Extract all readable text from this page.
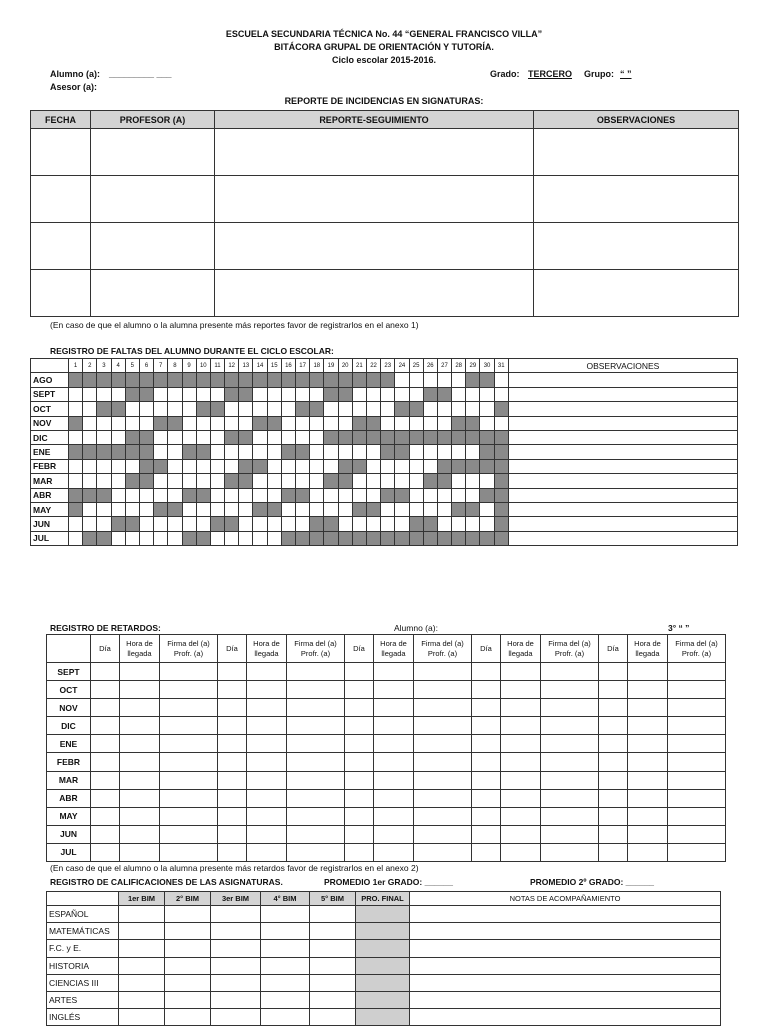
ESCUELA SECUNDARIA TÉCNICA No. 44 “GENERAL FRANCISCO VILLA”
BITÁCORA GRUPAL DE ORIENTACIÓN Y TUTORÍA.
Ciclo escolar 2015-2016.
Alumno (a): _________ ___	Grado: TERCERO Grupo: “ ”
Asesor (a):
REPORTE DE INCIDENCIAS EN SIGNATURAS:
FECHA	PROFESOR (A)	REPORTE-SEGUIMIENTO	OBSERVACIONES

(En caso de que el alumno o la alumna presente más reportes favor de registrarlos en el anexo 1)
REGISTRO DE FALTAS DEL ALUMNO DURANTE EL CICLO ESCOLAR:
	1	2	3	4	5	6	7	8	9	10	11	12	13	14	15	16	17	18	19	20	21	22	23	24	25	26	27	28	29	30	31	OBSERVACIONES
AGO																																
SEPT																																
OCT																																
NOV																																
DIC																																
ENE																																
FEBR																																
MAR																																
ABR																																
MAY																																
JUN																																
JUL																																
REGISTRO DE RETARDOS:	Alumno (a):	3° “ ”
	Día	Hora de llegada	Firma del (a) Profr. (a)	Día	Hora de llegada	Firma del (a) Profr. (a)	Día	Hora de llegada	Firma del (a) Profr. (a)	Día	Hora de llegada	Firma del (a) Profr. (a)	Día	Hora de llegada	Firma del (a) Profr. (a)
SEPT															
OCT															
NOV															
DIC															
ENE															
FEBR															
MAR															
ABR															
MAY															
JUN															
JUL															
(En caso de que el alumno o la alumna presente más retardos favor de registrarlos en el anexo 2)
REGISTRO DE CALIFICACIONES DE LAS ASIGNATURAS.	PROMEDIO 1er GRADO: ______	PROMEDIO 2º GRADO: ______
	1er BIM	2° BIM	3er BIM	4° BIM	5° BIM	PRO. FINAL	NOTAS DE ACOMPAÑAMIENTO
ESPAÑOL							
MATEMÁTICAS							
F.C. y E.							
HISTORIA							
CIENCIAS III							
ARTES							
INGLÉS							
